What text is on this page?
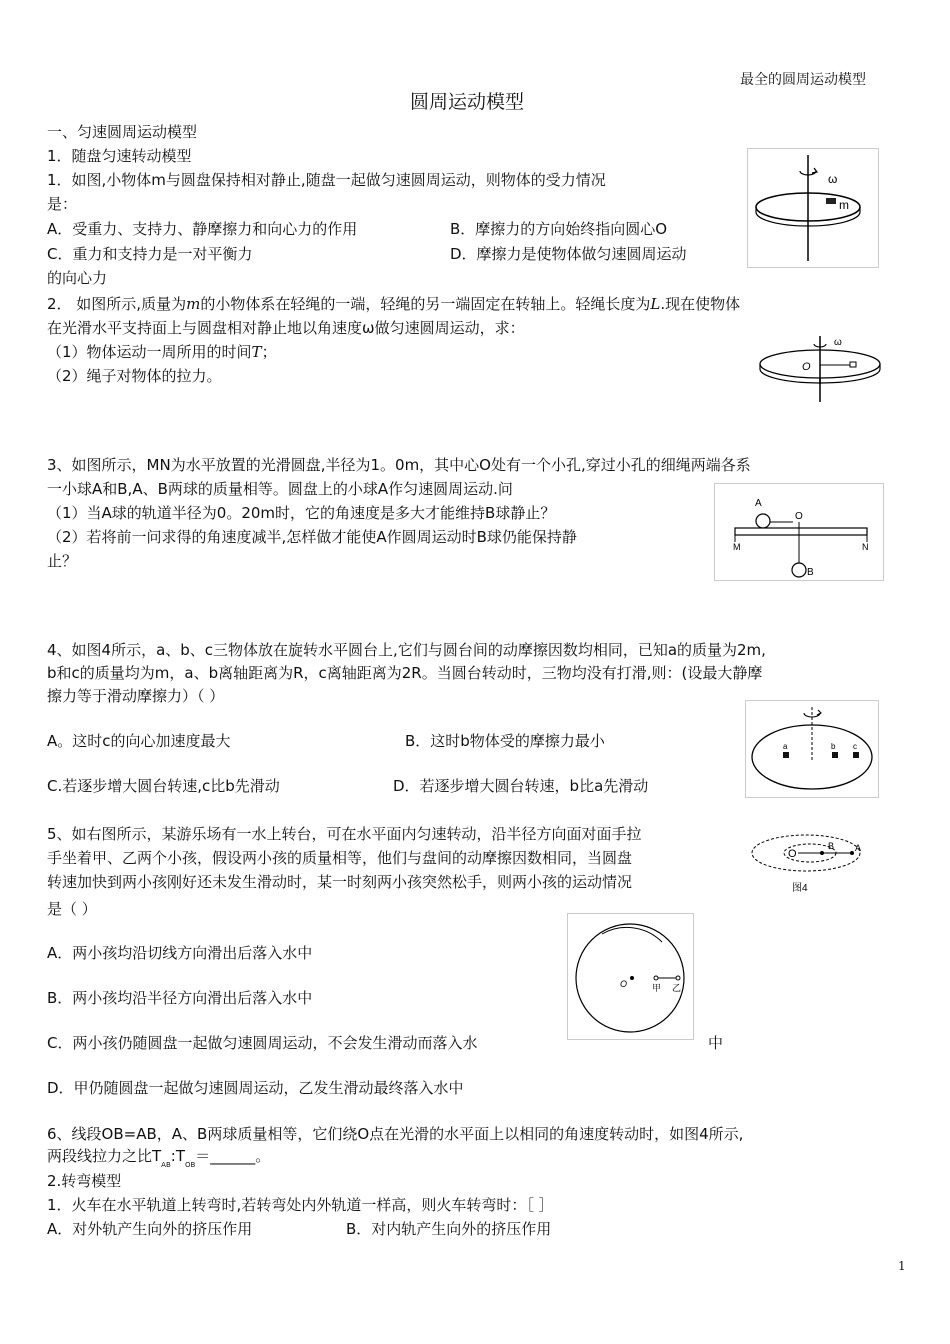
最全的圆周运动模型
圆周运动模型
一、匀速圆周运动模型
1．随盘匀速转动模型
1．如图,小物体m与圆盘保持相对静止,随盘一起做匀速圆周运动，则物体的受力情况
是：
A．受重力、支持力、静摩擦力和向心力的作用	B．摩擦力的方向始终指向圆心O
C．重力和支持力是一对平衡力	D．摩擦力是使物体做匀速圆周运动
的向心力
ω
m
2． 如图所示,质量为m的小物体系在轻绳的一端，轻绳的另一端固定在转轴上。轻绳长度为L.现在使物体
在光滑水平支持面上与圆盘相对静止地以角速度ω做匀速圆周运动，求：
（1）物体运动一周所用的时间T；
（2）绳子对物体的拉力。
ω
O
3、如图所示，MN为水平放置的光滑圆盘,半径为1。0m，其中心O处有一个小孔,穿过小孔的细绳两端各系
一小球A和B,A、B两球的质量相等。圆盘上的小球A作匀速圆周运动.问
（1）当A球的轨道半径为0。20m时，它的角速度是多大才能维持B球静止？
（2）若将前一问求得的角速度减半,怎样做才能使A作圆周运动时B球仍能保持静
止？
A
O
M	N
B
4、如图4所示，a、b、c三物体放在旋转水平圆台上,它们与圆台间的动摩擦因数均相同，已知a的质量为2m,
b和c的质量均为m，a、b离轴距离为R，c离轴距离为2R。当圆台转动时，三物均没有打滑,则：(设最大静摩
擦力等于滑动摩擦力）（ ）
A。这时c的向心加速度最大	B．这时b物体受的摩擦力最小
C.若逐步增大圆台转速,c比b先滑动	D．若逐步增大圆台转速，b比a先滑动
a	b c
5、如右图所示，某游乐场有一水上转台，可在水平面内匀速转动，沿半径方向面对面手拉
手坐着甲、乙两个小孩，假设两小孩的质量相等，他们与盘间的动摩擦因数相同，当圆盘
转速加快到两小孩刚好还未发生滑动时，某一时刻两小孩突然松手，则两小孩的运动情况
是（ ）
A．两小孩均沿切线方向滑出后落入水中
B．两小孩均沿半径方向滑出后落入水中
C．两小孩仍随圆盘一起做匀速圆周运动，不会发生滑动而落入水	中
D．甲仍随圆盘一起做匀速圆周运动，乙发生滑动最终落入水中
O
B A
图4
O	甲 乙
6、线段OB=AB，A、B两球质量相等，它们绕O点在光滑的水平面上以相同的角速度转动时，如图4所示,
两段线拉力之比$T_{AB}:T_{OB}=\_\_\_\_\_\_$。
2.转弯模型
1．火车在水平轨道上转弯时,若转弯处内外轨道一样高，则火车转弯时：［ ］
A．对外轨产生向外的挤压作用	B．对内轨产生向外的挤压作用
1
